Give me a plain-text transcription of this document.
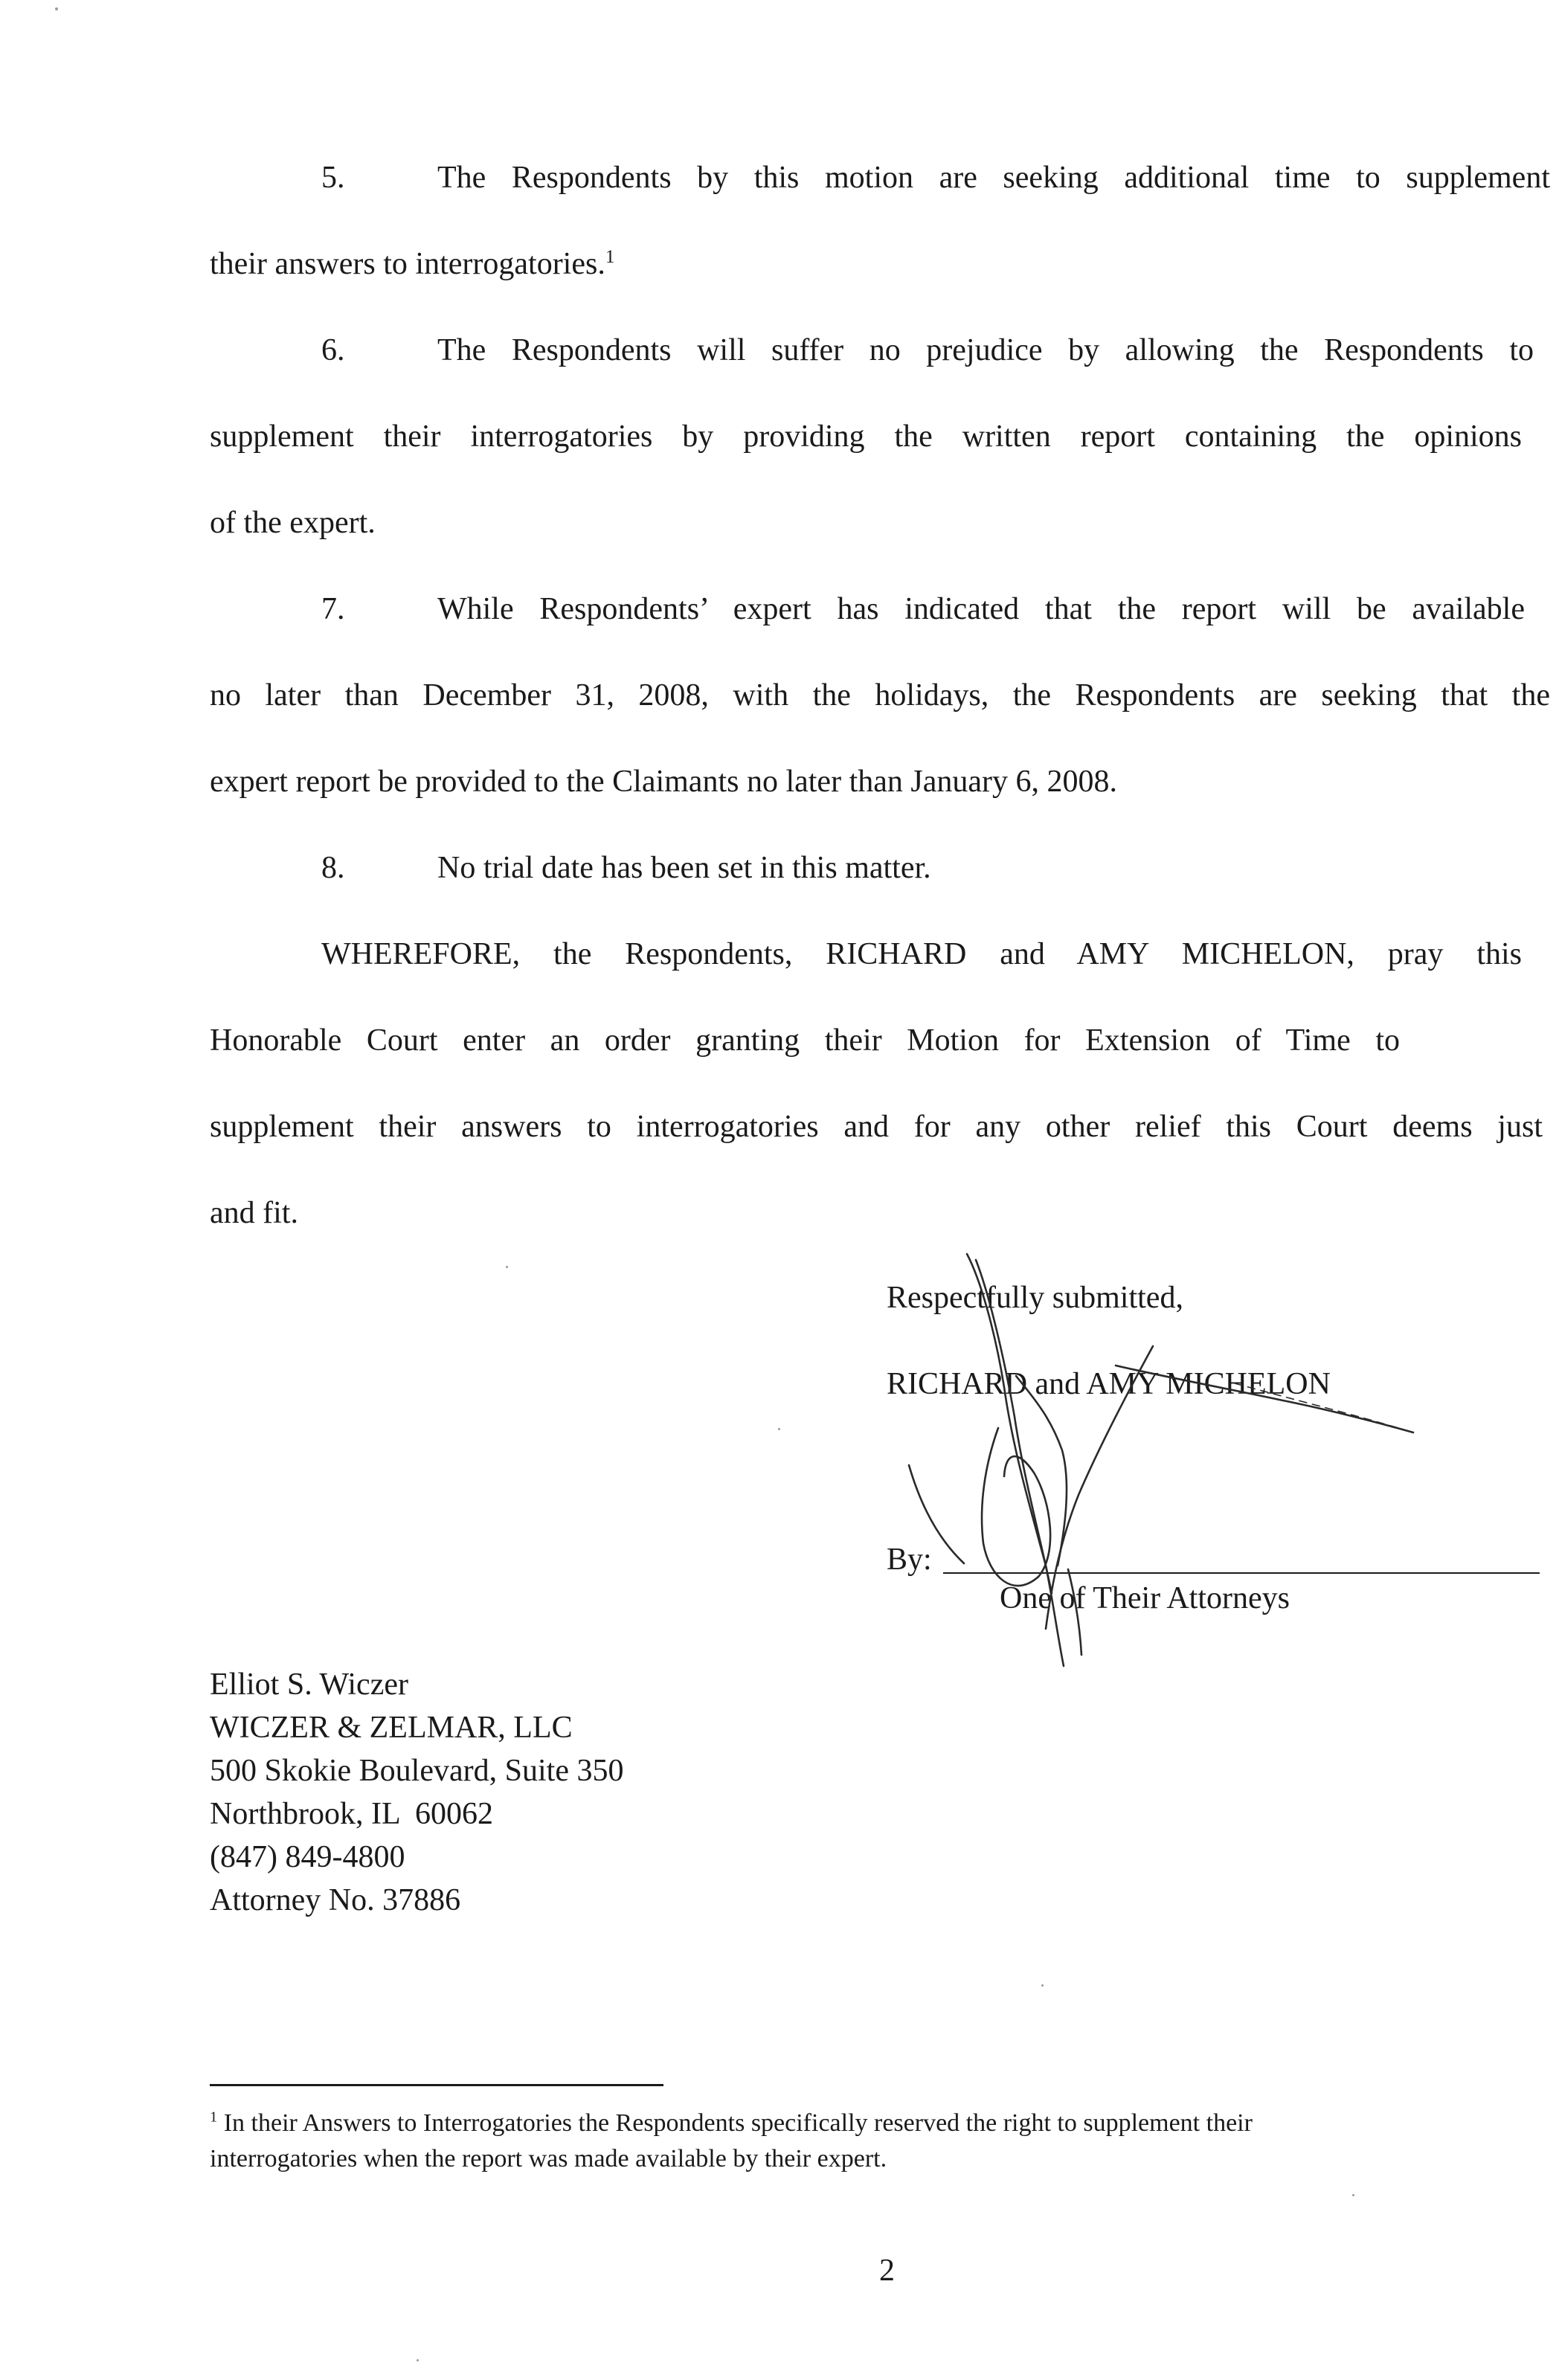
5.	The Respondents by this motion are seeking additional time to supplement
their answers to interrogatories.$^1$
6.	The Respondents will suffer no prejudice by allowing the Respondents to
supplement their interrogatories by providing the written report containing the opinions
of the expert.
7.	While Respondents’ expert has indicated that the report will be available
no later than December 31, 2008, with the holidays, the Respondents are seeking that the
expert report be provided to the Claimants no later than January 6, 2008.
8.	No trial date has been set in this matter.
WHEREFORE, the Respondents, RICHARD and AMY MICHELON, pray this
Honorable Court enter an order granting their Motion for Extension of Time to
supplement their answers to interrogatories and for any other relief this Court deems just
and fit.
Respectfully submitted,
RICHARD and AMY MICHELON
By:
One of Their Attorneys
Elliot S. Wiczer
WICZER & ZELMAR, LLC
500 Skokie Boulevard, Suite 350
Northbrook, IL  60062
(847) 849-4800
Attorney No. 37886
$^1$ In their Answers to Interrogatories the Respondents specifically reserved the right to supplement their
interrogatories when the report was made available by their expert.
2
